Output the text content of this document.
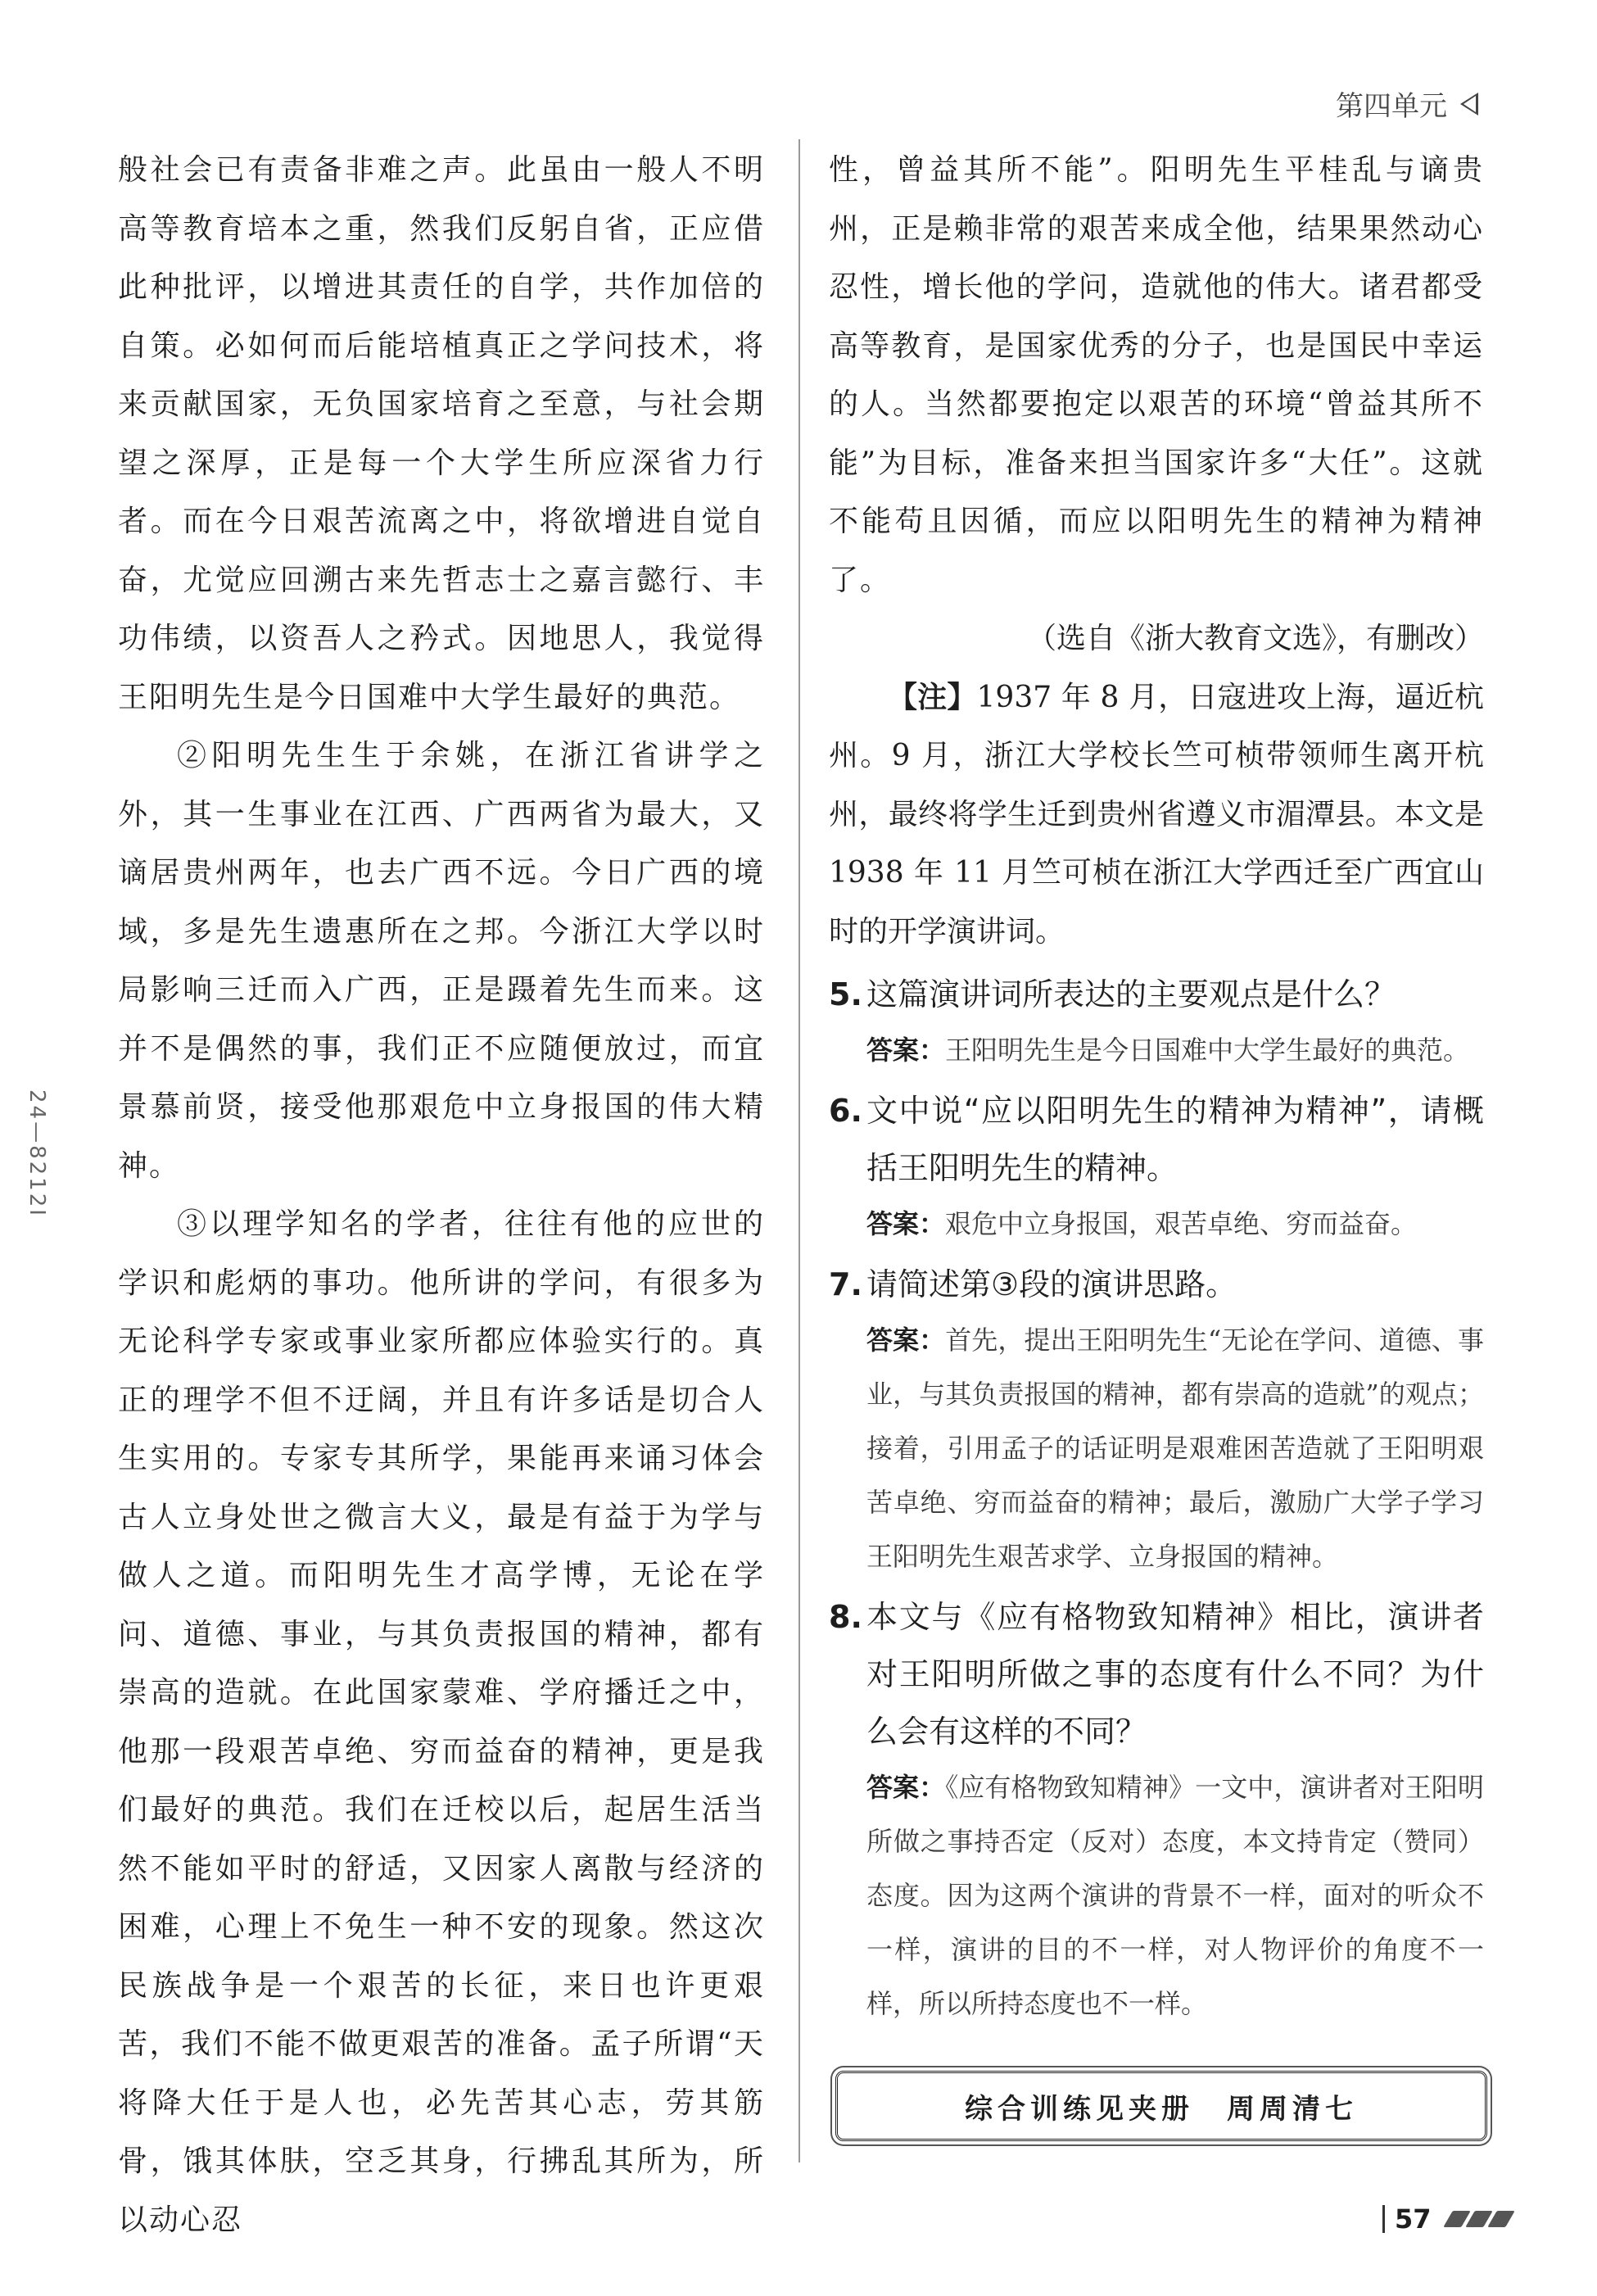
第四单元

般社会已有责备非难之声。此虽由一般人不明高等教育培本之重，然我们反躬自省，正应借此种批评，以增进其责任的自学，共作加倍的自策。必如何而后能培植真正之学问技术，将来贡献国家，无负国家培育之至意，与社会期望之深厚，正是每一个大学生所应深省力行者。而在今日艰苦流离之中，将欲增进自觉自奋，尤觉应回溯古来先哲志士之嘉言懿行、丰功伟绩，以资吾人之矜式。因地思人，我觉得王阳明先生是今日国难中大学生最好的典范。

②阳明先生生于余姚，在浙江省讲学之外，其一生事业在江西、广西两省为最大，又谪居贵州两年，也去广西不远。今日广西的境域，多是先生遗惠所在之邦。今浙江大学以时局影响三迁而入广西，正是蹑着先生而来。这并不是偶然的事，我们正不应随便放过，而宜景慕前贤，接受他那艰危中立身报国的伟大精神。

③以理学知名的学者，往往有他的应世的学识和彪炳的事功。他所讲的学问，有很多为无论科学专家或事业家所都应体验实行的。真正的理学不但不迂阔，并且有许多话是切合人生实用的。专家专其所学，果能再来诵习体会古人立身处世之微言大义，最是有益于为学与做人之道。而阳明先生才高学博，无论在学问、道德、事业，与其负责报国的精神，都有崇高的造就。在此国家蒙难、学府播迁之中，他那一段艰苦卓绝、穷而益奋的精神，更是我们最好的典范。我们在迁校以后，起居生活当然不能如平时的舒适，又因家人离散与经济的困难，心理上不免生一种不安的现象。然这次民族战争是一个艰苦的长征，来日也许更艰苦，我们不能不做更艰苦的准备。孟子所谓“天将降大任于是人也，必先苦其心志，劳其筋骨，饿其体肤，空乏其身，行拂乱其所为，所以动心忍

性，曾益其所不能”。阳明先生平桂乱与谪贵州，正是赖非常的艰苦来成全他，结果果然动心忍性，增长他的学问，造就他的伟大。诸君都受高等教育，是国家优秀的分子，也是国民中幸运的人。当然都要抱定以艰苦的环境“曾益其所不能”为目标，准备来担当国家许多“大任”。这就不能苟且因循，而应以阳明先生的精神为精神了。

（选自《浙大教育文选》，有删改）

【注】1937 年 8 月，日寇进攻上海，逼近杭州。9 月，浙江大学校长竺可桢带领师生离开杭州，最终将学生迁到贵州省遵义市湄潭县。本文是 1938 年 11 月竺可桢在浙江大学西迁至广西宜山时的开学演讲词。

5. 这篇演讲词所表达的主要观点是什么？
答案：王阳明先生是今日国难中大学生最好的典范。
6. 文中说“应以阳明先生的精神为精神”，请概括王阳明先生的精神。
答案：艰危中立身报国，艰苦卓绝、穷而益奋。
7. 请简述第③段的演讲思路。
答案：首先，提出王阳明先生“无论在学问、道德、事业，与其负责报国的精神，都有崇高的造就”的观点；接着，引用孟子的话证明是艰难困苦造就了王阳明艰苦卓绝、穷而益奋的精神；最后，激励广大学子学习王阳明先生艰苦求学、立身报国的精神。
8. 本文与《应有格物致知精神》相比，演讲者对王阳明所做之事的态度有什么不同？为什么会有这样的不同？
答案：《应有格物致知精神》一文中，演讲者对王阳明所做之事持否定（反对）态度，本文持肯定（赞同）态度。因为这两个演讲的背景不一样，面对的听众不一样，演讲的目的不一样，对人物评价的角度不一样，所以所持态度也不一样。
综合训练见夹册　周周清七
24—8212I
57
